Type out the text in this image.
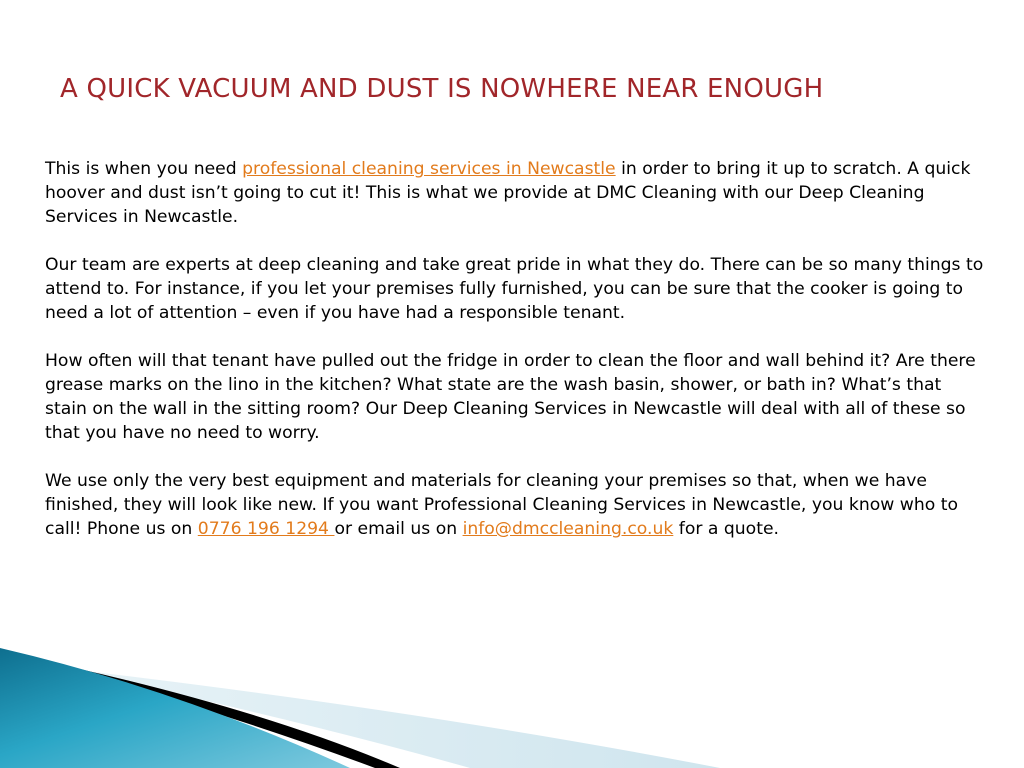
A QUICK VACUUM AND DUST IS NOWHERE NEAR ENOUGH

This is when you need professional cleaning services in Newcastle in order to bring it up to scratch. A quick hoover and dust isn’t going to cut it! This is what we provide at DMC Cleaning with our Deep Cleaning Services in Newcastle.

Our team are experts at deep cleaning and take great pride in what they do. There can be so many things to attend to. For instance, if you let your premises fully furnished, you can be sure that the cooker is going to need a lot of attention – even if you have had a responsible tenant.

How often will that tenant have pulled out the fridge in order to clean the floor and wall behind it? Are there grease marks on the lino in the kitchen? What state are the wash basin, shower, or bath in? What’s that stain on the wall in the sitting room? Our Deep Cleaning Services in Newcastle will deal with all of these so that you have no need to worry.

We use only the very best equipment and materials for cleaning your premises so that, when we have finished, they will look like new. If you want Professional Cleaning Services in Newcastle, you know who to call! Phone us on 0776 196 1294 or email us on info@dmccleaning.co.uk for a quote.
